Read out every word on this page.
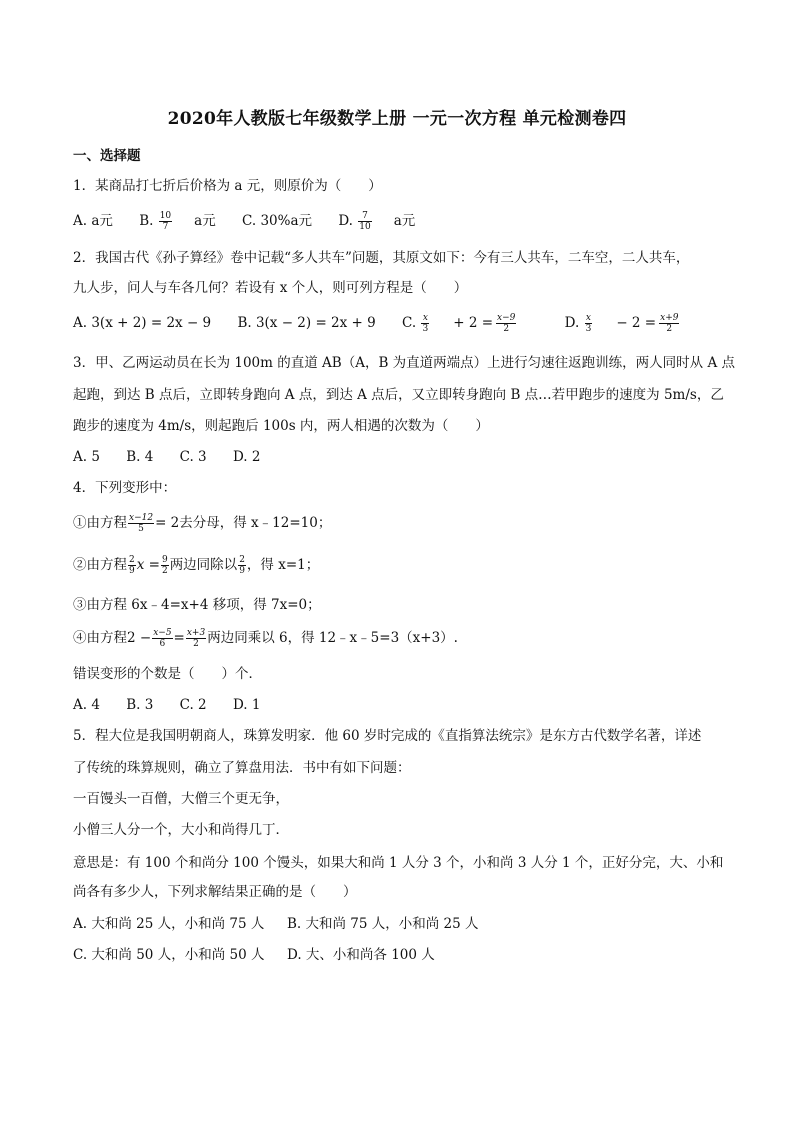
2020年人教版七年级数学上册 一元一次方程 单元检测卷四
一、选择题
1．某商品打七折后价格为 a 元，则原价为（　　）
A. a元 B. $\frac{10}{7}$ a元 C. 30%a元 D. $\frac{7}{10}$ a元
2．我国古代《孙子算经》卷中记载“多人共车”问题，其原文如下：今有三人共车，二车空，二人共车，
九人步，问人与车各几何？若设有 x 个人，则可列方程是（　　）
A. 3(x + 2) = 2x − 9 B. 3(x − 2) = 2x + 9 C. $\frac{x}{3} + 2 = \frac{x-9}{2} D$. $\frac{x}{3} - 2 = \frac{x+9}{2}$
3．甲、乙两运动员在长为 100m 的直道 AB（A，B 为直道两端点）上进行匀速往返跑训练，两人同时从 A 点
起跑，到达 B 点后，立即转身跑向 A 点，到达 A 点后，又立即转身跑向 B 点…若甲跑步的速度为 5m/s，乙
跑步的速度为 4m/s，则起跑后 100s 内，两人相遇的次数为（　　）
A. 5 B. 4 C. 3 D. 2
4．下列变形中：
①由方程 $\frac{x-12}{5} = 2$去分母，得 x﹣12=10；
②由方程 $\frac{2}{9}$ $x = \frac{9}{2}$ 两边同除以 $\frac{2}{9}$ ，得 x=1；
③由方程 6x﹣4=x+4 移项，得 7x=0；
④由方程$2 - \frac{x-5}{6} = \frac{x+3}{2}$ 两边同乘以 6，得 12﹣x﹣5=3（x+3）.
错误变形的个数是（　　）个．
A. 4 B. 3 C. 2 D. 1
5．程大位是我国明朝商人，珠算发明家．他 60 岁时完成的《直指算法统宗》是东方古代数学名著，详述
了传统的珠算规则，确立了算盘用法．书中有如下问题：
一百馒头一百僧，大僧三个更无争，
小僧三人分一个，大小和尚得几丁．
意思是：有 100 个和尚分 100 个馒头，如果大和尚 1 人分 3 个，小和尚 3 人分 1 个，正好分完，大、小和
尚各有多少人，下列求解结果正确的是（　　）
A. 大和尚 25 人，小和尚 75 人 B. 大和尚 75 人，小和尚 25 人
C. 大和尚 50 人，小和尚 50 人 D. 大、小和尚各 100 人
